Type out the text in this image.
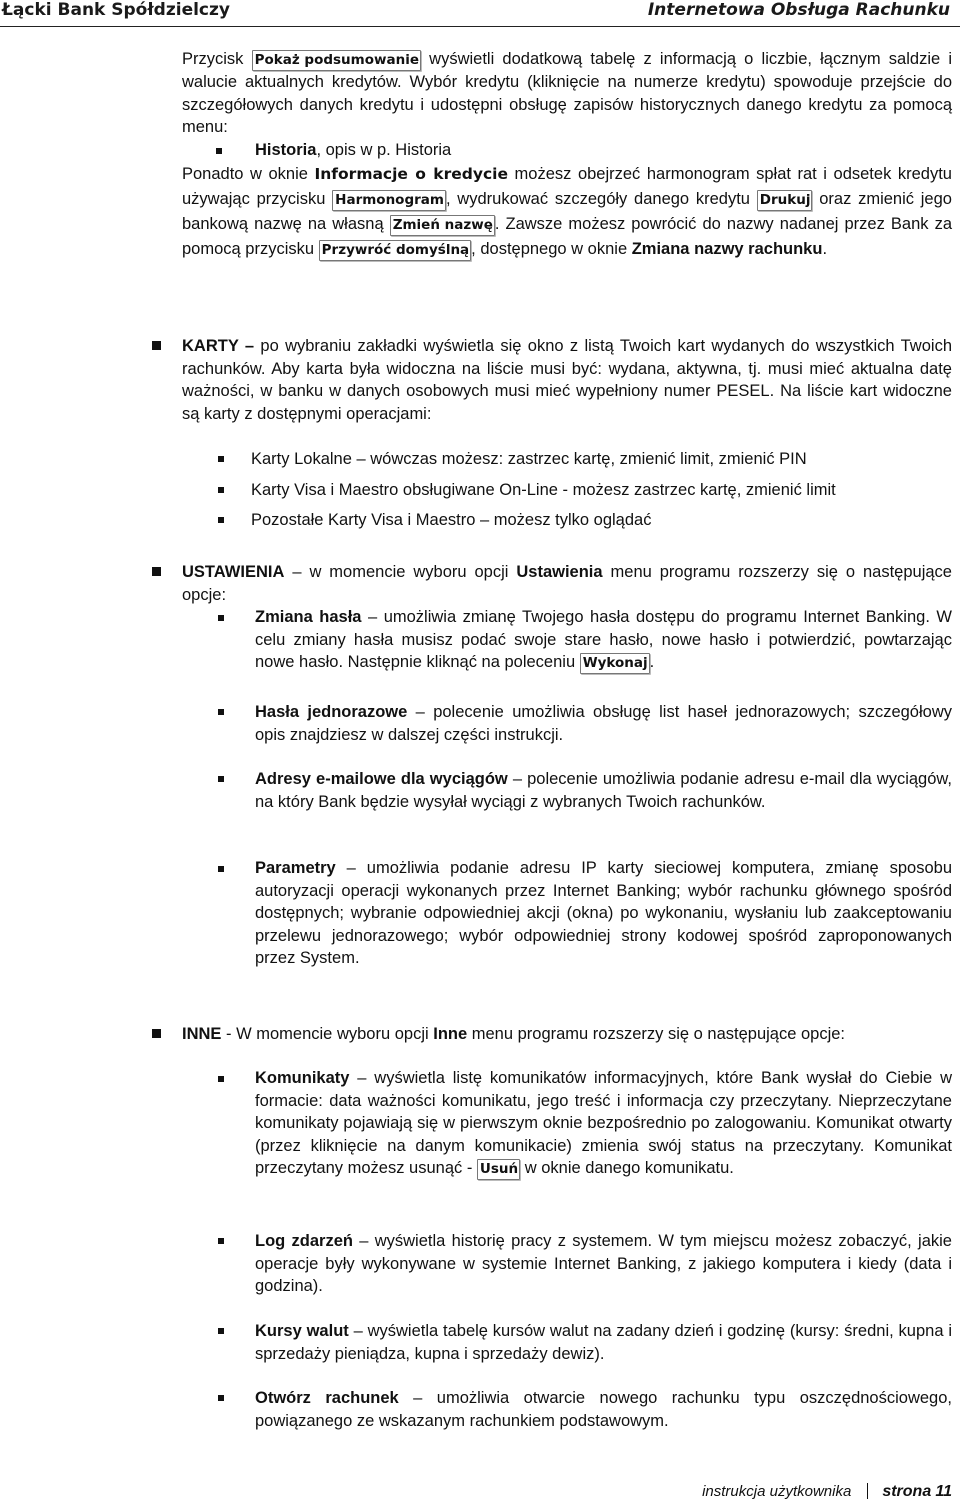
Łącki Bank Spółdzielczy	Internetowa Obsługa Rachunku
Przycisk Pokaż podsumowanie wyświetli dodatkową tabelę z informacją o liczbie, łącznym saldzie i walucie aktualnych kredytów. Wybór kredytu (kliknięcie na numerze kredytu) spowoduje przejście do szczegółowych danych kredytu i udostępni obsługę zapisów historycznych danego kredytu za pomocą menu:
Historia, opis w p. Historia
Ponadto w oknie Informacje o kredycie możesz obejrzeć harmonogram spłat rat i odsetek kredytu używając przycisku Harmonogram , wydrukować szczegóły danego kredytu Drukuj oraz zmienić jego bankową nazwę na własną Zmień nazwę . Zawsze możesz powrócić do nazwy nadanej przez Bank za pomocą przycisku Przywróć domyślną , dostępnego w oknie Zmiana nazwy rachunku.
KARTY – po wybraniu zakładki wyświetla się okno z listą Twoich kart wydanych do wszystkich Twoich rachunków. Aby karta była widoczna na liście musi być: wydana, aktywna, tj. musi mieć aktualna datę ważności, w banku w danych osobowych musi mieć wypełniony numer PESEL. Na liście kart widoczne są karty z dostępnymi operacjami:
Karty Lokalne – wówczas możesz: zastrzec kartę, zmienić limit, zmienić PIN
Karty Visa i Maestro obsługiwane On-Line - możesz zastrzec kartę, zmienić limit
Pozostałe Karty Visa i Maestro – możesz tylko oglądać
USTAWIENIA – w momencie wyboru opcji Ustawienia menu programu rozszerzy się o następujące opcje:
Zmiana hasła – umożliwia zmianę Twojego hasła dostępu do programu Internet Banking. W celu zmiany hasła musisz podać swoje stare hasło, nowe hasło i potwierdzić, powtarzając nowe hasło. Następnie kliknąć na poleceniu Wykonaj .
Hasła jednorazowe – polecenie umożliwia obsługę list haseł jednorazowych; szczegółowy opis znajdziesz w dalszej części instrukcji.
Adresy e-mailowe dla wyciągów – polecenie umożliwia podanie adresu e-mail dla wyciągów, na który Bank będzie wysyłał wyciągi z wybranych Twoich rachunków.
Parametry – umożliwia podanie adresu IP karty sieciowej komputera, zmianę sposobu autoryzacji operacji wykonanych przez Internet Banking; wybór rachunku głównego spośród dostępnych; wybranie odpowiedniej akcji (okna) po wykonaniu, wysłaniu lub zaakceptowaniu przelewu jednorazowego; wybór odpowiedniej strony kodowej spośród zaproponowanych przez System.
INNE - W momencie wyboru opcji Inne menu programu rozszerzy się o następujące opcje:
Komunikaty – wyświetla listę komunikatów informacyjnych, które Bank wysłał do Ciebie w formacie: data ważności komunikatu, jego treść i informacja czy przeczytany. Nieprzeczytane komunikaty pojawiają się w pierwszym oknie bezpośrednio po zalogowaniu. Komunikat otwarty (przez kliknięcie na danym komunikacie) zmienia swój status na przeczytany. Komunikat przeczytany możesz usunąć - Usuń w oknie danego komunikatu.
Log zdarzeń – wyświetla historię pracy z systemem. W tym miejscu możesz zobaczyć, jakie operacje były wykonywane w systemie Internet Banking, z jakiego komputera i kiedy (data i godzina).
Kursy walut – wyświetla tabelę kursów walut na zadany dzień i godzinę (kursy: średni, kupna i sprzedaży pieniądza, kupna i sprzedaży dewiz).
Otwórz rachunek – umożliwia otwarcie nowego rachunku typu oszczędnościowego, powiązanego ze wskazanym rachunkiem podstawowym.
instrukcja użytkownika strona 11
